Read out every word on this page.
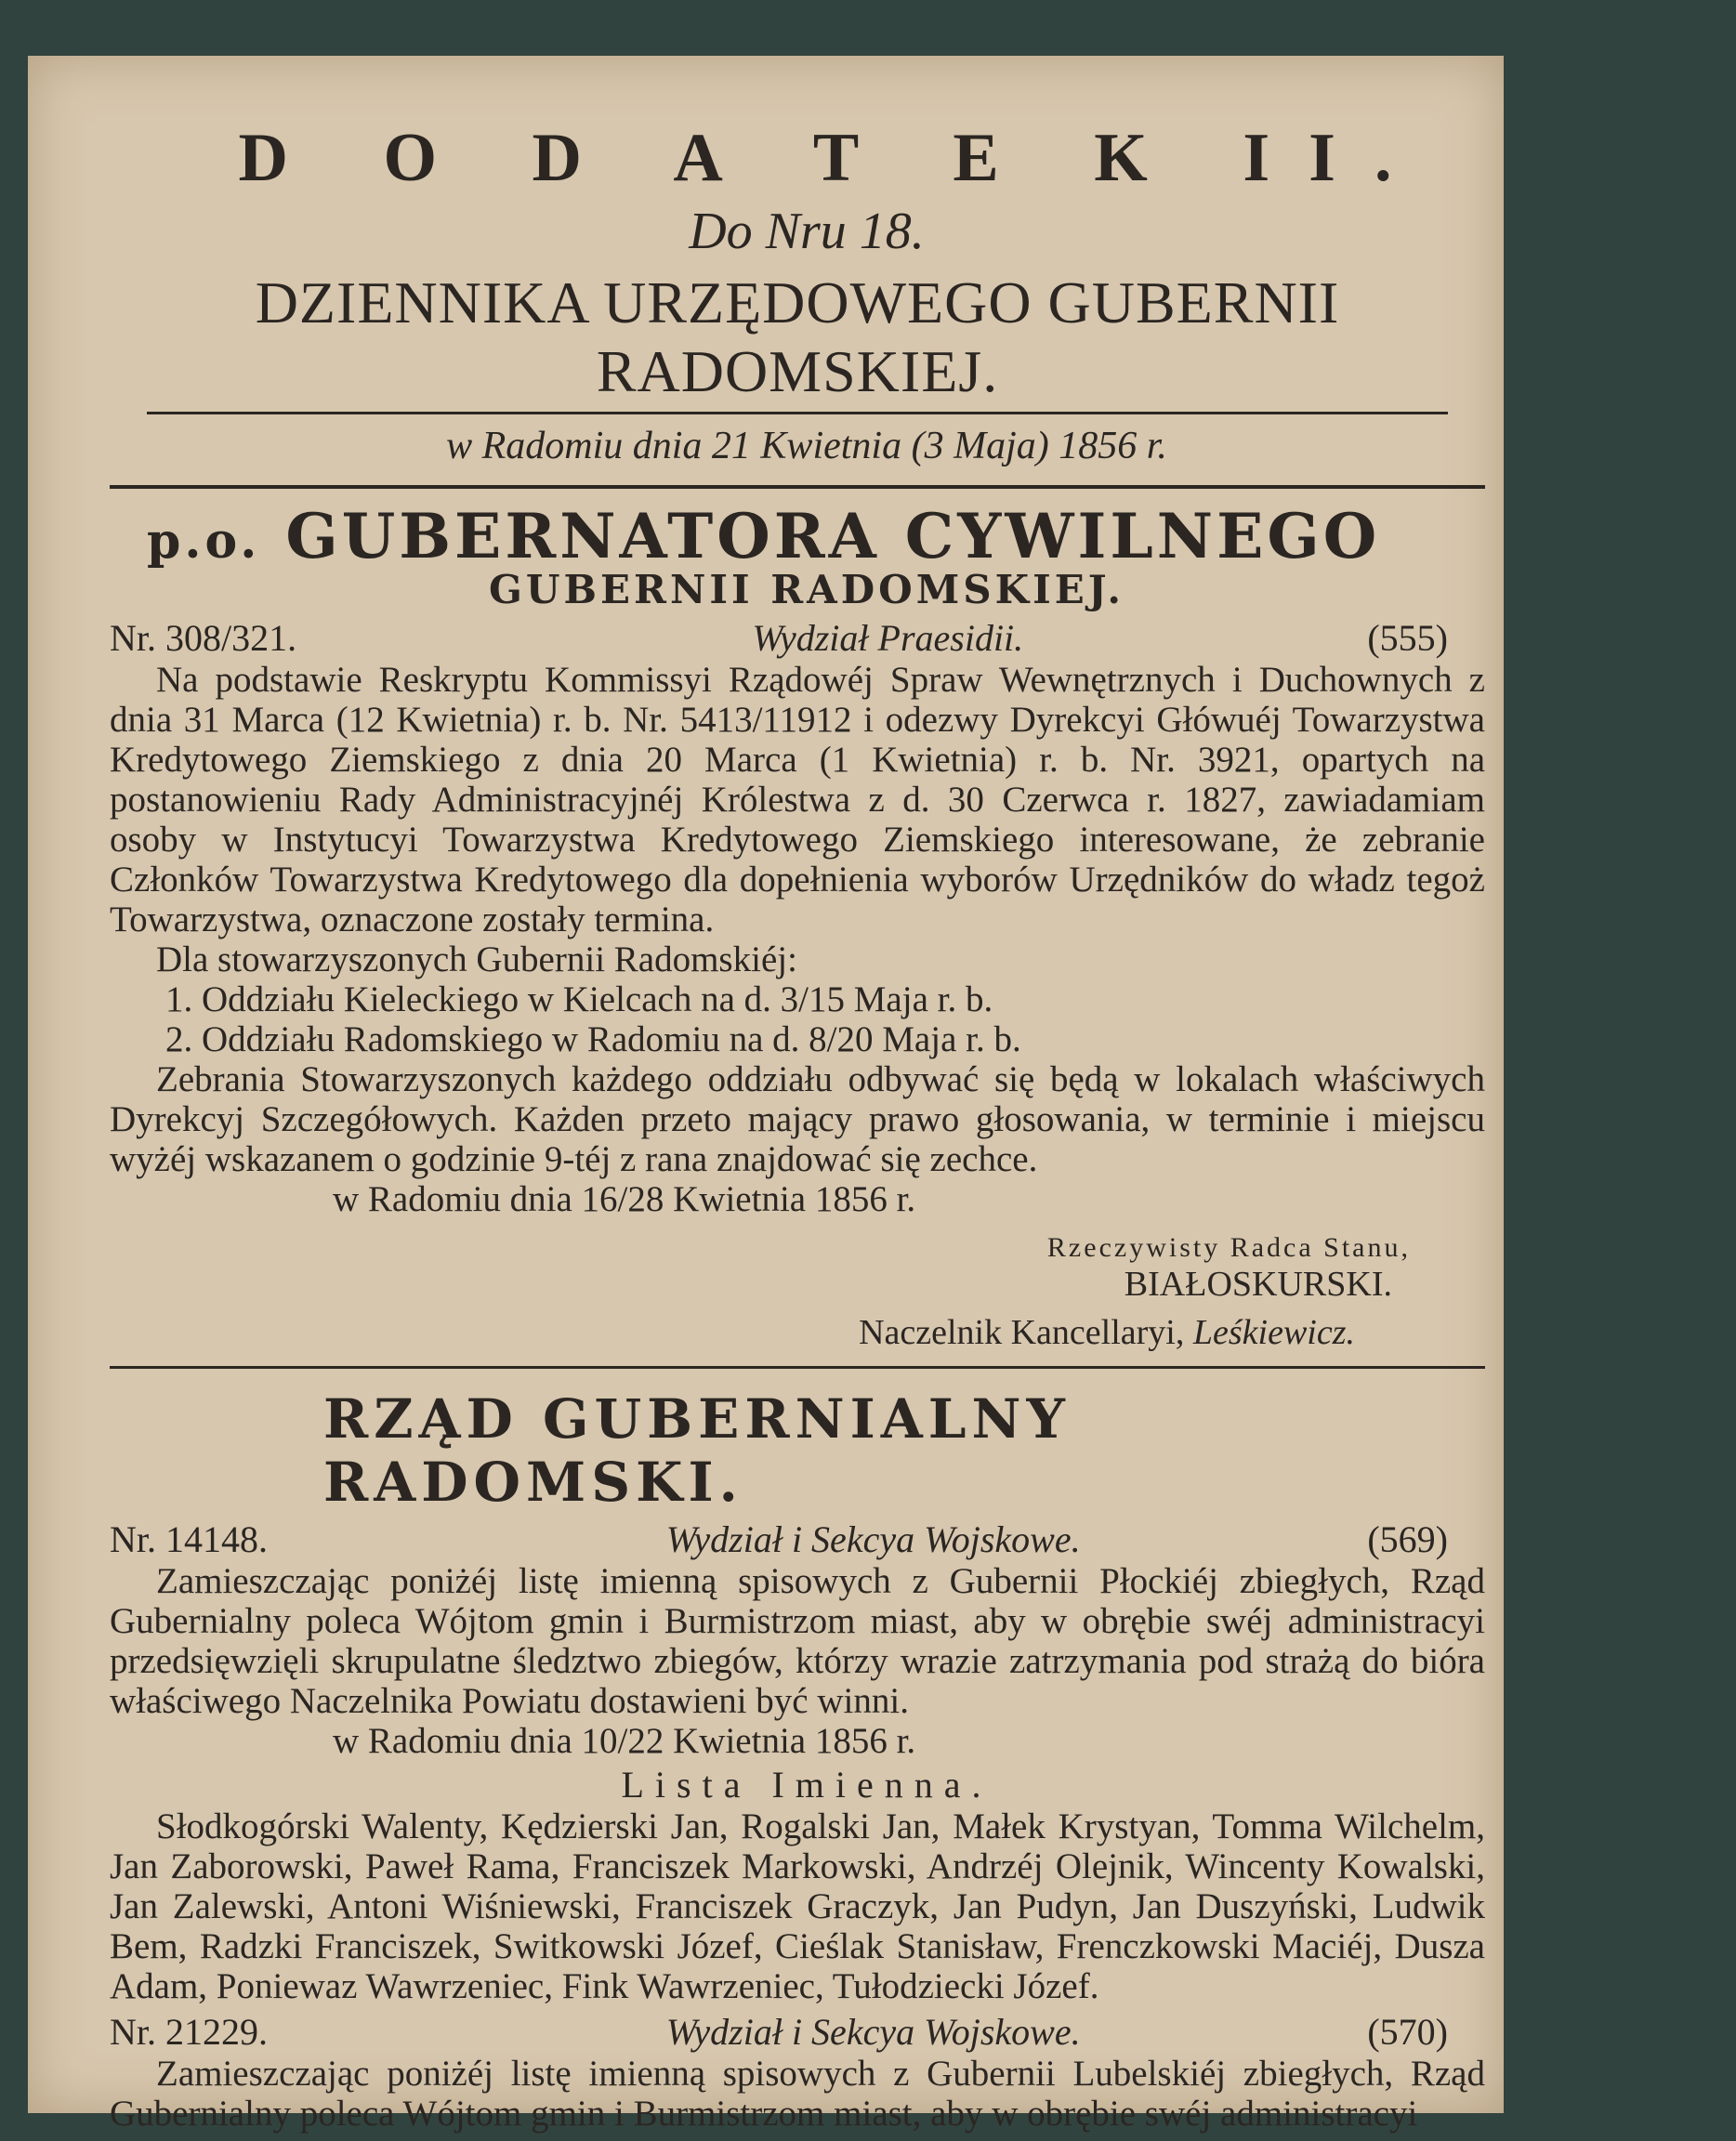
D O D A T E K II.
Do Nru 18.
DZIENNIKA URZĘDOWEGO GUBERNII RADOMSKIEJ.
w Radomiu dnia 21 Kwietnia (3 Maja) 1856 r.
p.o. GUBERNATORA CYWILNEGO
GUBERNII RADOMSKIEJ.
Nr. 308/321.	Wydział Praesidii.	(555)

Na podstawie Reskryptu Kommissyi Rządowéj Spraw Wewnętrznych i Duchownych z dnia 31 Marca (12 Kwietnia) r. b. Nr. 5413/11912 i odezwy Dyrekcyi Główuéj Towarzystwa Kredytowego Ziemskiego z dnia 20 Marca (1 Kwietnia) r. b. Nr. 3921, opartych na postanowieniu Rady Administracyjnéj Królestwa z d. 30 Czerwca r. 1827, zawiadamiam osoby w Instytucyi Towarzystwa Kredytowego Ziemskiego interesowane, że zebranie Członków Towarzystwa Kredytowego dla dopełnienia wyborów Urzędników do władz tegoż Towarzystwa, oznaczone zostały termina.

Dla stowarzyszonych Gubernii Radomskiéj:

1. Oddziału Kieleckiego w Kielcach na d. 3/15 Maja r. b.
2. Oddziału Radomskiego w Radomiu na d. 8/20 Maja r. b.

Zebrania Stowarzyszonych każdego oddziału odbywać się będą w lokalach właściwych Dyrekcyj Szczegółowych. Każden przeto mający prawo głosowania, w terminie i miejscu wyżéj wskazanem o godzinie 9-téj z rana znajdować się zechce.

w Radomiu dnia 16/28 Kwietnia 1856 r.
Rzeczywisty Radca Stanu,
BIAŁOSKURSKI.
Naczelnik Kancellaryi, Leśkiewicz.
RZĄD GUBERNIALNY RADOMSKI.
Nr. 14148.	Wydział i Sekcya Wojskowe.	(569)

Zamieszczając poniżéj listę imienną spisowych z Gubernii Płockiéj zbiegłych, Rząd Gubernialny poleca Wójtom gmin i Burmistrzom miast, aby w obrębie swéj administracyi przedsięwzięli skrupulatne śledztwo zbiegów, którzy wrazie zatrzymania pod strażą do bióra właściwego Naczelnika Powiatu dostawieni być winni.

w Radomiu dnia 10/22 Kwietnia 1856 r.
Lista Imienna.

Słodkogórski Walenty, Kędzierski Jan, Rogalski Jan, Małek Krystyan, Tomma Wilchelm, Jan Zaborowski, Paweł Rama, Franciszek Markowski, Andrzéj Olejnik, Wincenty Kowalski, Jan Zalewski, Antoni Wiśniewski, Franciszek Graczyk, Jan Pudyn, Jan Duszyński, Ludwik Bem, Radzki Franciszek, Switkowski Józef, Cieślak Stanisław, Frenczkowski Maciéj, Dusza Adam, Poniewaz Wawrzeniec, Fink Wawrzeniec, Tułodziecki Józef.

Nr. 21229.	Wydział i Sekcya Wojskowe.	(570)

Zamieszczając poniżéj listę imienną spisowych z Gubernii Lubelskiéj zbiegłych, Rząd Gubernialny poleca Wójtom gmin i Burmistrzom miast, aby w obrębie swéj administracyi
